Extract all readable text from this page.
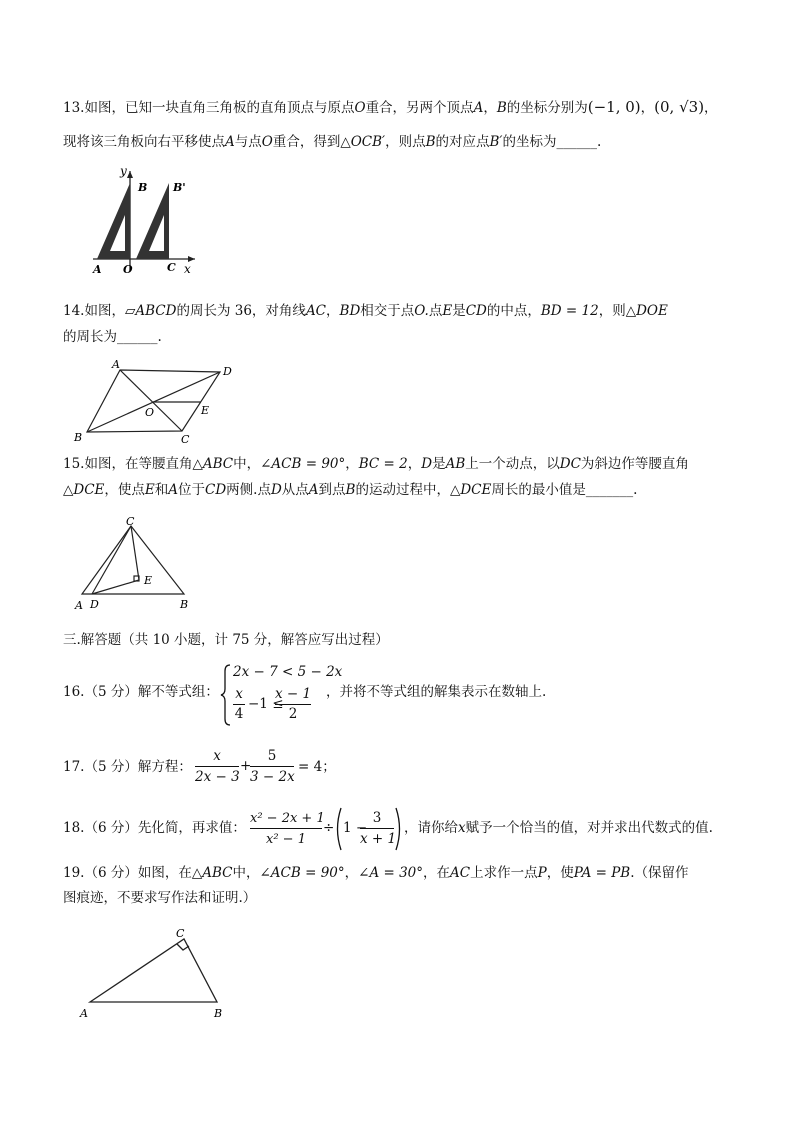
13.如图，已知一块直角三角板的直角顶点与原点O重合，另两个顶点A，B的坐标分别为(−1, 0)，(0, √3)，
现将该三角板向右平移使点A与点O重合，得到△OCB′，则点B的对应点B′的坐标为______.
y
B B'
A O	C x
14.如图，▱ABCD的周长为 36，对角线AC，BD相交于点O.点E是CD的中点，BD = 12，则△DOE
的周长为______.
A
D
O	E
B	C
15.如图，在等腰直角△ABC中，∠ACB = 90°，BC = 2，D是AB上一个动点，以DC为斜边作等腰直角
△DCE，使点E和A位于CD两侧.点D从点A到点B的运动过程中，△DCE周长的最小值是_______.
C
E
A D	B
三.解答题（共 10 小题，计 75 分，解答应写出过程）
16.（5 分）解不等式组：
2x − 7 < 5 − 2x
x
4
−1 ≤
x − 1
2
，并将不等式组的解集表示在数轴上.
17.（5 分）解方程：
x
2x − 3
+
5
3 − 2x
= 4；
18.（6 分）先化简，再求值：
x² − 2x + 1
x² − 1
÷ 1 −
3
x + 1
，请你给x赋予一个恰当的值，对并求出代数式的值.
19.（6 分）如图，在△ABC中，∠ACB = 90°，∠A = 30°，在AC上求作一点P，使PA = PB.（保留作
图痕迹，不要求写作法和证明.）
C
A	B
